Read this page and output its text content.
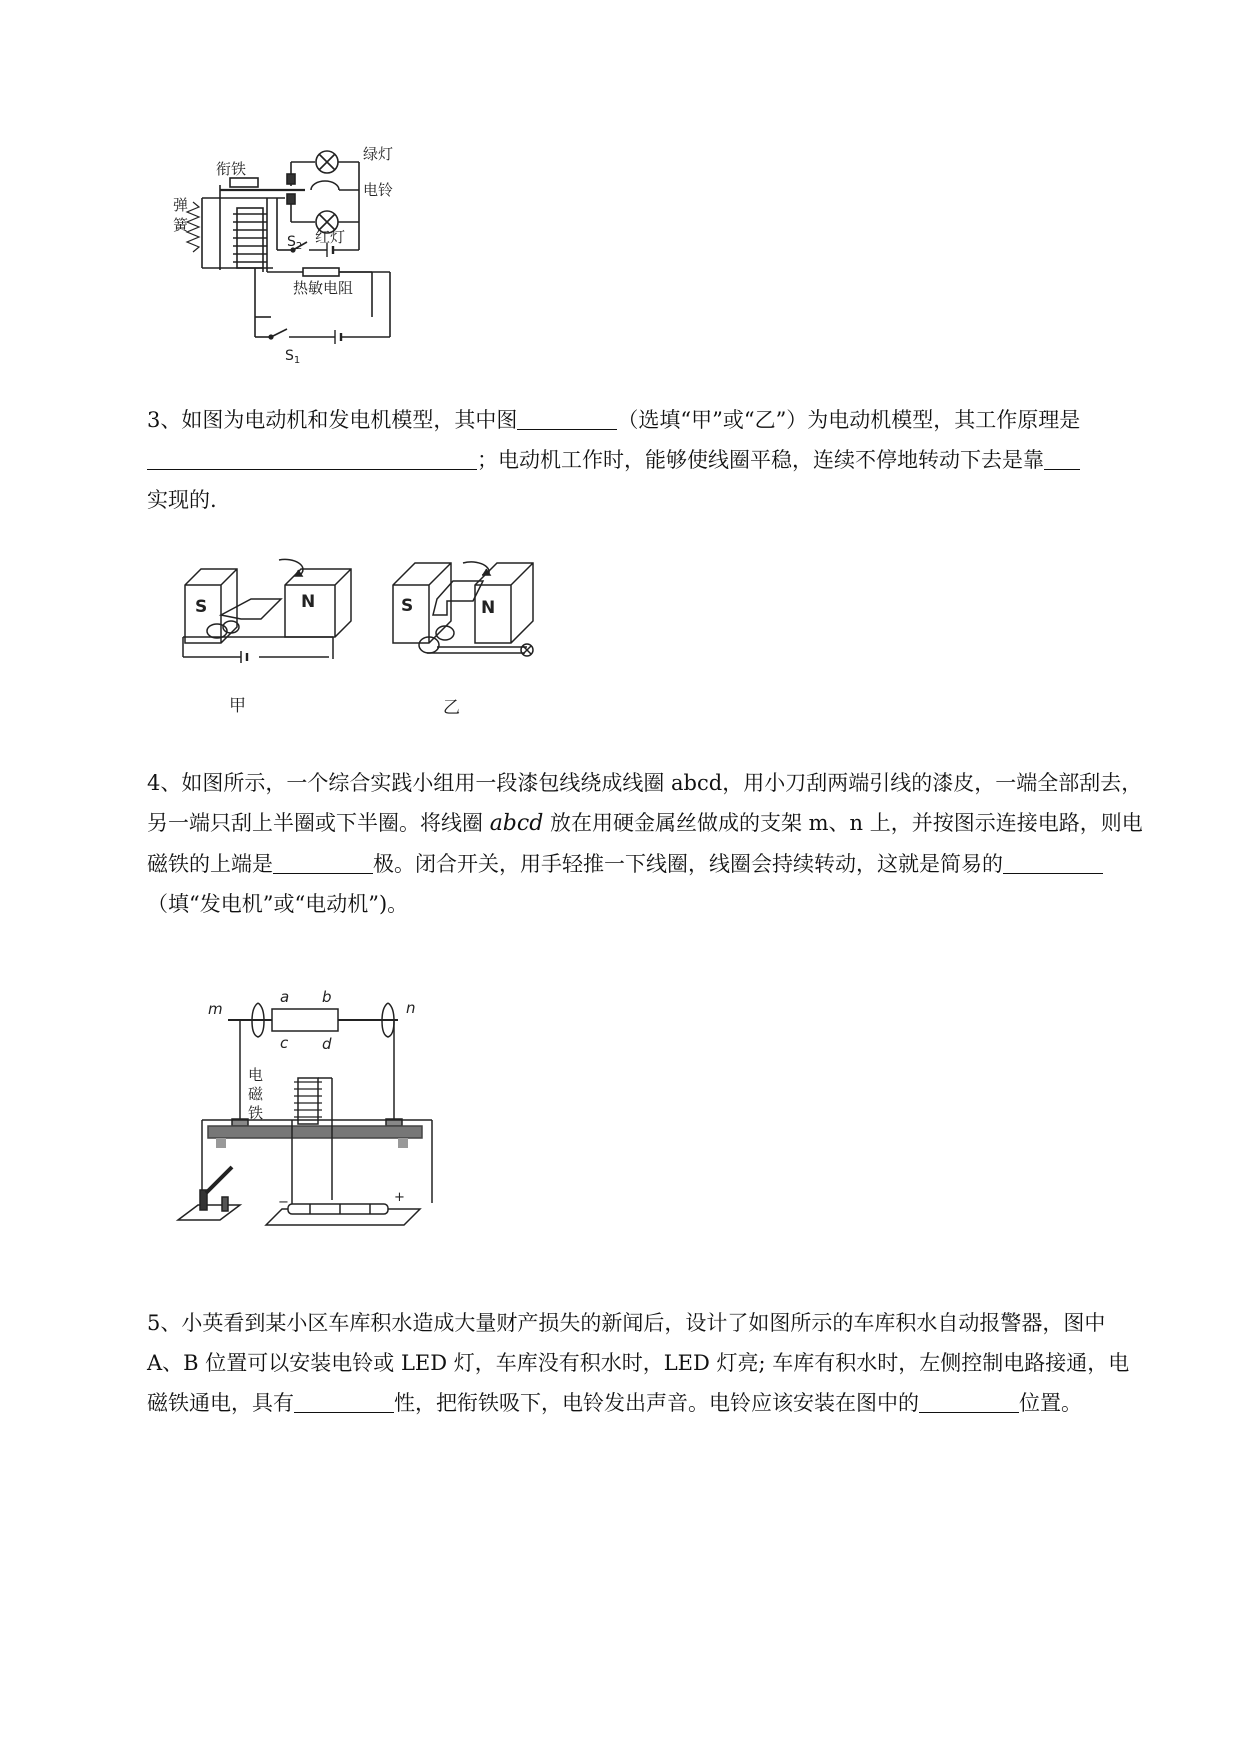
衔铁
弹
簧
绿灯
电铃
$S_2$
红灯
热敏电阻
$S_1$
3、如图为电动机和发电机模型，其中图	（选填“甲”或“乙”）为电动机模型，其工作原理是；电动机工作时，能够使线圈平稳，连续不停地转动下去是靠
实现的.
S	N	S	N
甲	乙
4、如图所示，一个综合实践小组用一段漆包线绕成线圈 abcd，用小刀刮两端引线的漆皮，一端全部刮去，另一端只刮上半圈或下半圈。将线圈 abcd 放在用硬金属丝做成的支架 m、n 上，并按图示连接电路，则电磁铁的上端是	极。闭合开关，用手轻推一下线圈，线圈会持续转动，这就是简易的（填“发电机”或“电动机”)。
m	n
a b
c d
电
磁
铁
−	+
5、小英看到某小区车库积水造成大量财产损失的新闻后，设计了如图所示的车库积水自动报警器，图中 A、B 位置可以安装电铃或 LED 灯，车库没有积水时，LED 灯亮; 车库有积水时，左侧控制电路接通，电磁铁通电，具有	性，把衔铁吸下，电铃发出声音。电铃应该安装在图中的	位置。
